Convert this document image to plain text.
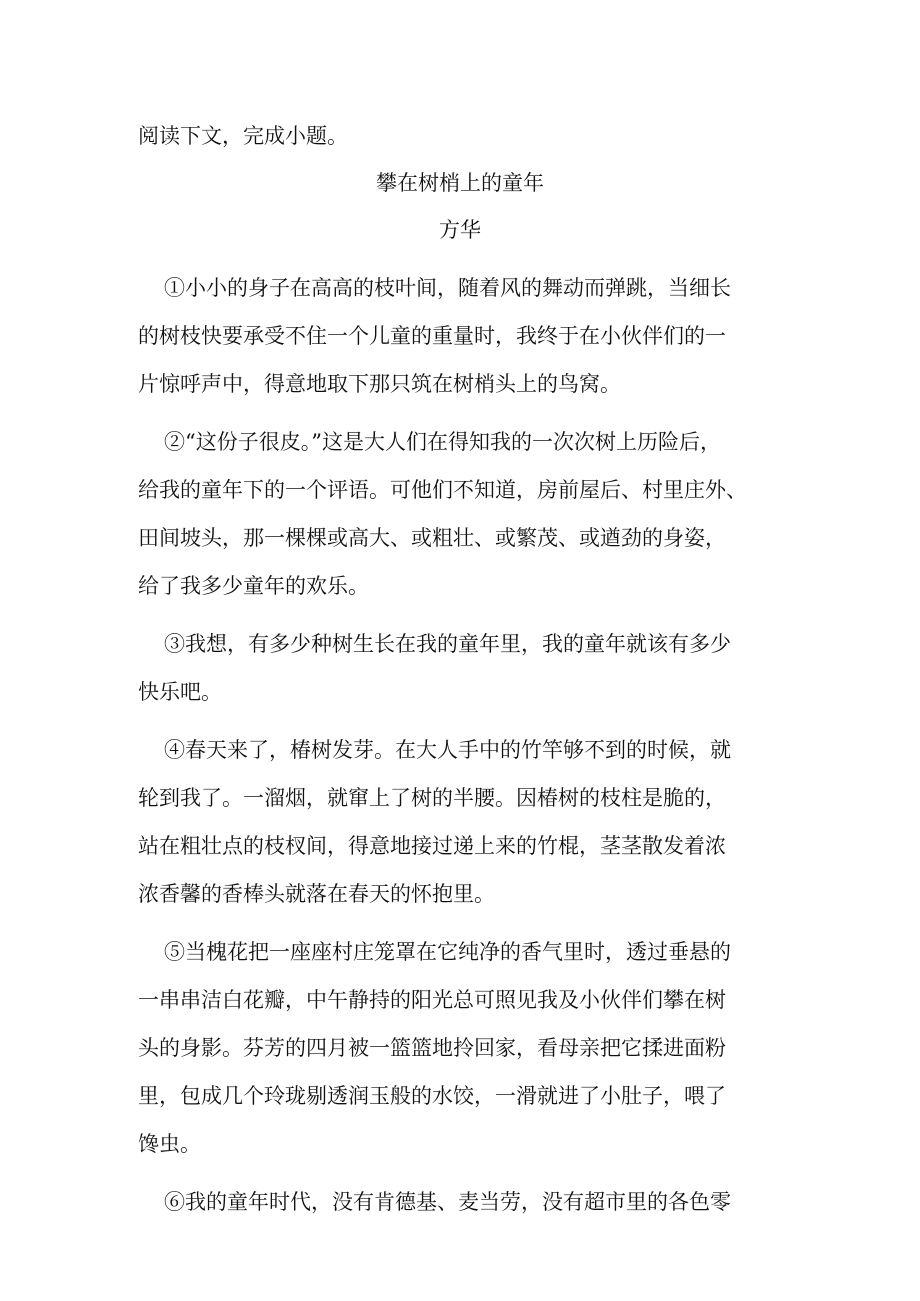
阅读下文，完成小题。
攀在树梢上的童年
方华
①小小的身子在高高的枝叶间，随着风的舞动而弹跳，当细长
的树枝快要承受不住一个儿童的重量时，我终于在小伙伴们的一
片惊呼声中，得意地取下那只筑在树梢头上的鸟窝。
②“这份子很皮。”这是大人们在得知我的一次次树上历险后，
给我的童年下的一个评语。可他们不知道，房前屋后、村里庄外、
田间坡头，那一棵棵或高大、或粗壮、或繁茂、或遒劲的身姿，
给了我多少童年的欢乐。
③我想，有多少种树生长在我的童年里，我的童年就该有多少
快乐吧。
④春天来了，椿树发芽。在大人手中的竹竿够不到的时候，就
轮到我了。一溜烟，就窜上了树的半腰。因椿树的枝柱是脆的，
站在粗壮点的枝杈间，得意地接过递上来的竹棍，茎茎散发着浓
浓香馨的香棒头就落在春天的怀抱里。
⑤当槐花把一座座村庄笼罩在它纯净的香气里时，透过垂悬的
一串串洁白花瓣，中午静持的阳光总可照见我及小伙伴们攀在树
头的身影。芬芳的四月被一篮篮地拎回家，看母亲把它揉进面粉
里，包成几个玲珑剔透润玉般的水饺，一滑就进了小肚子，喂了
馋虫。
⑥我的童年时代，没有肯德基、麦当劳，没有超市里的各色零
